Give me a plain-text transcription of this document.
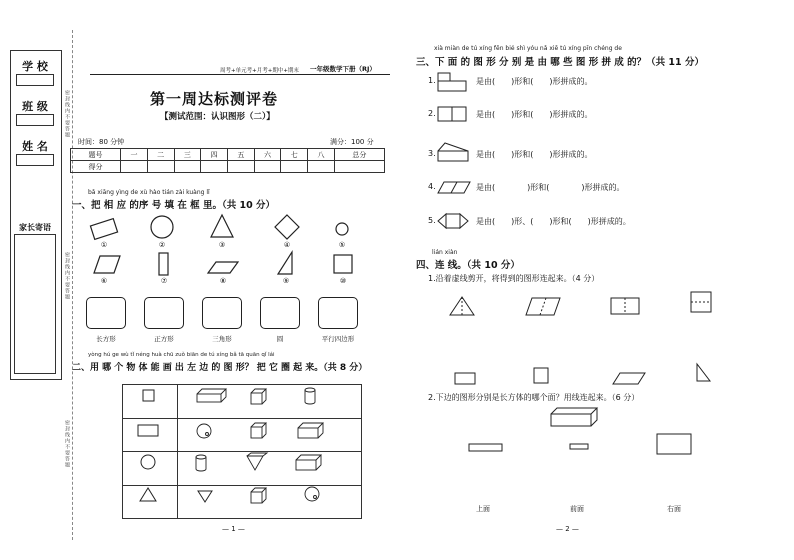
学 校
班 级
姓 名
家长寄语
密封线内不要答题
密封线内不要答题
密封线内不要答题
周考+单元考+月考+期中+期末 一年级数学下册（RJ）
第一周达标测评卷
【测试范围：认识图形（二）】
时间：80 分钟	满分：100 分
题号	一	二	三	四	五	六	七	八	总分
得分									
bǎ xiāng yìng de xù hào tián zài kuàng lǐ
一、把 相 应 的序 号 填 在 框 里。（共 10 分）
①	②	③	④	⑤
⑥	⑦	⑧	⑨	⑩
长方形	正方形	三角形	圆	平行四边形
yòng hú ge wù tǐ néng huà chū zuǒ biān de tú xíng bǎ tā quān qǐ lái
二、用 哪 个 物 体 能 画 出 左 边 的 图 形？ 把 它 圈 起 来。（共 8 分）

— 1 —
xià miàn de tú xíng fēn bié shì yóu nǎ xiē tú xíng pīn chéng de
三、下 面 的 图 形 分 别 是 由 哪 些 图 形 拼 成 的？（共 11 分）
1.	是由(　　)形和(　　)形拼成的。
2.	是由(　　)形和(　　)形拼成的。
3.	是由(　　)形和(　　)形拼成的。
4.	是由(　　　　)形和(　　　　)形拼成的。
5.	是由(　　)形、(　　)形和(　　)形拼成的。
lián xiàn
四、连 线。（共 10 分）
1.沿着虚线剪开，将得到的图形连起来。（4 分）
2.下边的图形分别是长方体的哪个面？用线连起来。（6 分）
上面	前面	右面
— 2 —
